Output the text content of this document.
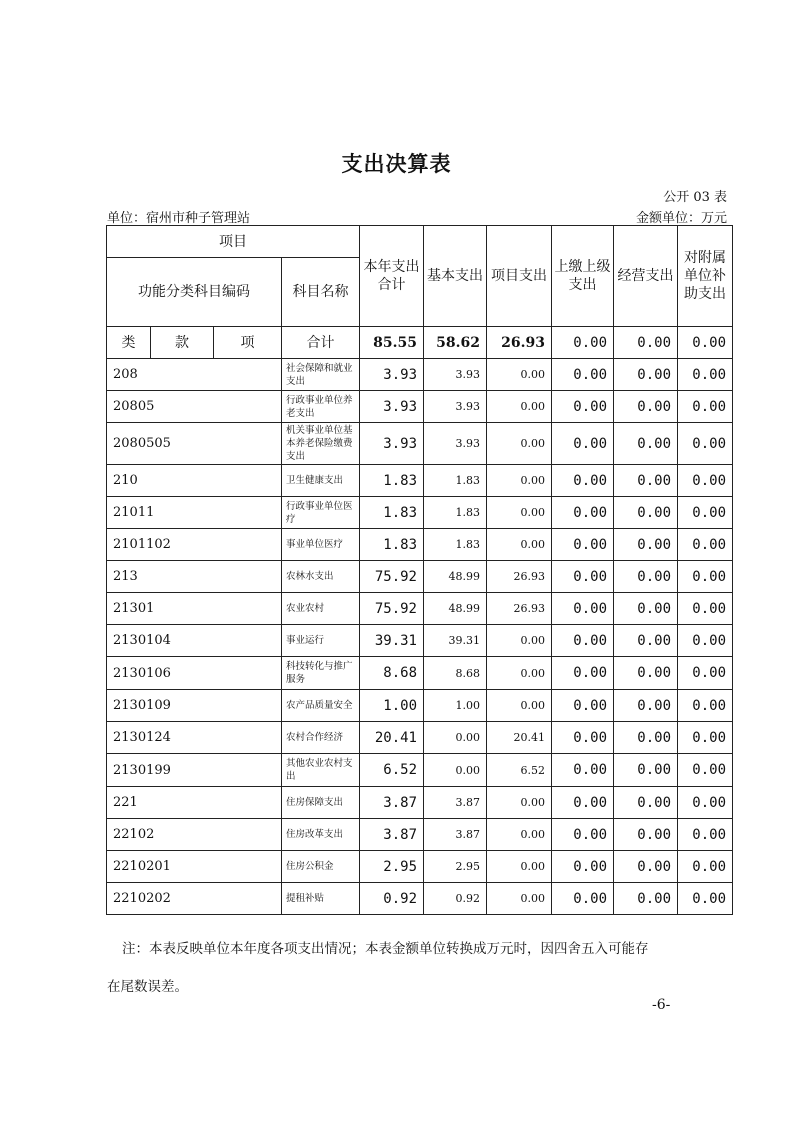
支出决算表
公开 03 表
单位：宿州市种子管理站	金额单位：万元
项目				本年支出合计	基本支出	项目支出	上缴上级支出	经营支出	对附属单位补助支出
功能分类科目编码			科目名称						
类	款	项	合计	85.55	58.62	26.93	0.00	0.00	0.00
208			社会保障和就业支出	3.93	3.93	0.00	0.00	0.00	0.00
20805			行政事业单位养老支出	3.93	3.93	0.00	0.00	0.00	0.00
2080505			机关事业单位基本养老保险缴费支出	3.93	3.93	0.00	0.00	0.00	0.00
210			卫生健康支出	1.83	1.83	0.00	0.00	0.00	0.00
21011			行政事业单位医疗	1.83	1.83	0.00	0.00	0.00	0.00
2101102			事业单位医疗	1.83	1.83	0.00	0.00	0.00	0.00
213			农林水支出	75.92	48.99	26.93	0.00	0.00	0.00
21301			农业农村	75.92	48.99	26.93	0.00	0.00	0.00
2130104			事业运行	39.31	39.31	0.00	0.00	0.00	0.00
2130106			科技转化与推广服务	8.68	8.68	0.00	0.00	0.00	0.00
2130109			农产品质量安全	1.00	1.00	0.00	0.00	0.00	0.00
2130124			农村合作经济	20.41	0.00	20.41	0.00	0.00	0.00
2130199			其他农业农村支出	6.52	0.00	6.52	0.00	0.00	0.00
221			住房保障支出	3.87	3.87	0.00	0.00	0.00	0.00
22102			住房改革支出	3.87	3.87	0.00	0.00	0.00	0.00
2210201			住房公积金	2.95	2.95	0.00	0.00	0.00	0.00
2210202			提租补贴	0.92	0.92	0.00	0.00	0.00	0.00
注：本表反映单位本年度各项支出情况；本表金额单位转换成万元时，因四舍五入可能存
在尾数误差。
-6-
